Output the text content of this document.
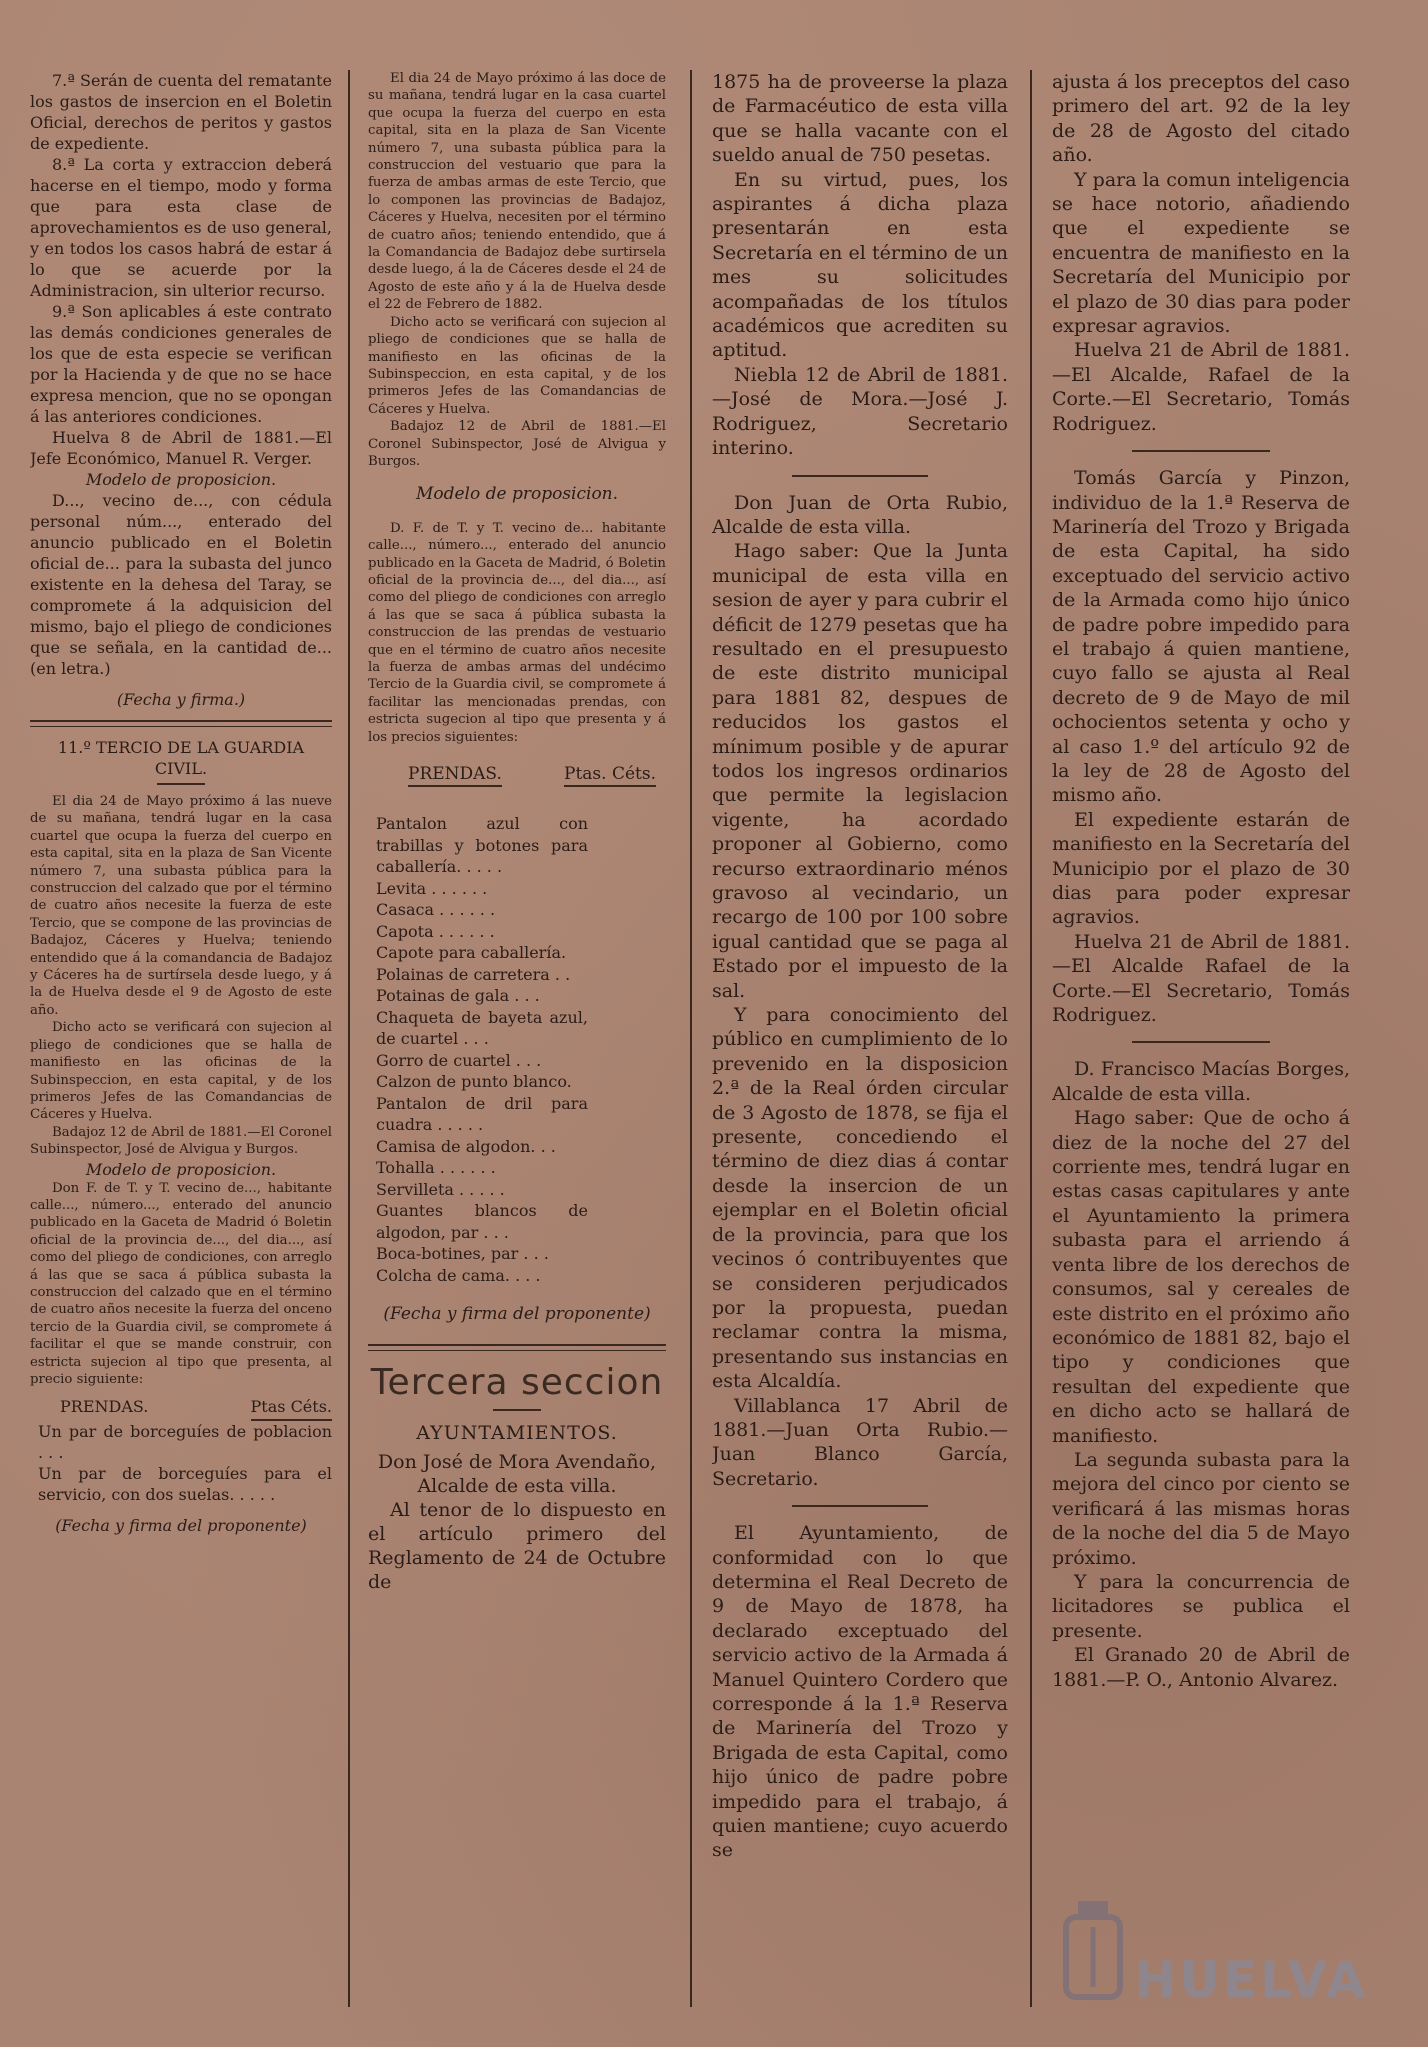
7.ª Serán de cuenta del rematante los gastos de insercion en el Boletin Oficial, derechos de peritos y gastos de expediente.

8.ª La corta y extraccion deberá hacerse en el tiempo, modo y forma que para esta clase de aprovechamientos es de uso general, y en todos los casos habrá de estar á lo que se acuerde por la Administracion, sin ulterior recurso.

9.ª Son aplicables á este contrato las demás condiciones generales de los que de esta especie se verifican por la Hacienda y de que no se hace expresa mencion, que no se opongan á las anteriores condiciones.

Huelva 8 de Abril de 1881.—El Jefe Económico, Manuel R. Verger.

Modelo de proposicion.

D..., vecino de..., con cédula personal núm..., enterado del anuncio publicado en el Boletin oficial de... para la subasta del junco existente en la dehesa del Taray, se compromete á la adquisicion del mismo, bajo el pliego de condiciones que se señala, en la cantidad de... (en letra.)

(Fecha y firma.)

11.º TERCIO DE LA GUARDIA CIVIL.

El dia 24 de Mayo próximo á las nueve de su mañana, tendrá lugar en la casa cuartel que ocupa la fuerza del cuerpo en esta capital, sita en la plaza de San Vicente número 7, una subasta pública para la construccion del calzado que por el término de cuatro años necesite la fuerza de este Tercio, que se compone de las provincias de Badajoz, Cáceres y Huelva; teniendo entendido que á la comandancia de Badajoz y Cáceres ha de surtírsela desde luego, y á la de Huelva desde el 9 de Agosto de este año.

Dicho acto se verificará con sujecion al pliego de condiciones que se halla de manifiesto en las oficinas de la Subinspeccion, en esta capital, y de los primeros Jefes de las Comandancias de Cáceres y Huelva.

Badajoz 12 de Abril de 1881.—El Coronel Subinspector, José de Alvigua y Burgos.

Modelo de proposicion.

Don F. de T. y T. vecino de..., habitante calle..., número..., enterado del anuncio publicado en la Gaceta de Madrid ó Boletin oficial de la provincia de..., del dia..., así como del pliego de condiciones, con arreglo á las que se saca á pública subasta la construccion del calzado que en el término de cuatro años necesite la fuerza del onceno tercio de la Guardia civil, se compromete á facilitar el que se mande construir, con estricta sujecion al tipo que presenta, al precio siguiente:

PRENDAS.	Ptas Céts.
Un par de borceguíes de poblacion . . .
Un par de borceguíes para el servicio, con dos suelas. . . . .

(Fecha y firma del proponente)

El dia 24 de Mayo próximo á las doce de su mañana, tendrá lugar en la casa cuartel que ocupa la fuerza del cuerpo en esta capital, sita en la plaza de San Vicente número 7, una subasta pública para la construccion del vestuario que para la fuerza de ambas armas de este Tercio, que lo componen las provincias de Badajoz, Cáceres y Huelva, necesiten por el término de cuatro años; teniendo entendido, que á la Comandancia de Badajoz debe surtirsela desde luego, á la de Cáceres desde el 24 de Agosto de este año y á la de Huelva desde el 22 de Febrero de 1882.

Dicho acto se verificará con sujecion al pliego de condiciones que se halla de manifiesto en las oficinas de la Subinspeccion, en esta capital, y de los primeros Jefes de las Comandancias de Cáceres y Huelva.

Badajoz 12 de Abril de 1881.—El Coronel Subinspector, José de Alvigua y Burgos.

Modelo de proposicion.

D. F. de T. y T. vecino de... habitante calle..., número..., enterado del anuncio publicado en la Gaceta de Madrid, ó Boletin oficial de la provincia de..., del dia..., así como del pliego de condiciones con arreglo á las que se saca á pública subasta la construccion de las prendas de vestuario que en el término de cuatro años necesite la fuerza de ambas armas del undécimo Tercio de la Guardia civil, se compromete á facilitar las mencionadas prendas, con estricta sugecion al tipo que presenta y á los precios siguientes:

PRENDAS.	Ptas. Céts.
Pantalon azul con trabillas y botones para caballería. . . . .
Levita . . . . . .
Casaca . . . . . .
Capota . . . . . .
Capote para caballería.
Polainas de carretera . .
Potainas de gala . . .
Chaqueta de bayeta azul, de cuartel . . .
Gorro de cuartel . . .
Calzon de punto blanco.
Pantalon de dril para cuadra . . . . .
Camisa de algodon. . .
Tohalla . . . . . .
Servilleta . . . . .
Guantes blancos de algodon, par . . .
Boca-botines, par . . .
Colcha de cama. . . .

(Fecha y firma del proponente)

Tercera seccion

AYUNTAMIENTOS.

Don José de Mora Avendaño, Alcalde de esta villa.

Al tenor de lo dispuesto en el artículo primero del Reglamento de 24 de Octubre de

1875 ha de proveerse la plaza de Farmacéutico de esta villa que se halla vacante con el sueldo anual de 750 pesetas.

En su virtud, pues, los aspirantes á dicha plaza presentarán en esta Secretaría en el término de un mes su solicitudes acompañadas de los títulos académicos que acrediten su aptitud.

Niebla 12 de Abril de 1881.—José de Mora.—José J. Rodriguez, Secretario interino.

Don Juan de Orta Rubio, Alcalde de esta villa.

Hago saber: Que la Junta municipal de esta villa en sesion de ayer y para cubrir el déficit de 1279 pesetas que ha resultado en el presupuesto de este distrito municipal para 1881 82, despues de reducidos los gastos el mínimum posible y de apurar todos los ingresos ordinarios que permite la legislacion vigente, ha acordado proponer al Gobierno, como recurso extraordinario ménos gravoso al vecindario, un recargo de 100 por 100 sobre igual cantidad que se paga al Estado por el impuesto de la sal.

Y para conocimiento del público en cumplimiento de lo prevenido en la disposicion 2.ª de la Real órden circular de 3 Agosto de 1878, se fija el presente, concediendo el término de diez dias á contar desde la insercion de un ejemplar en el Boletin oficial de la provincia, para que los vecinos ó contribuyentes que se consideren perjudicados por la propuesta, puedan reclamar contra la misma, presentando sus instancias en esta Alcaldía.

Villablanca 17 Abril de 1881.—Juan Orta Rubio.—Juan Blanco García, Secretario.

El Ayuntamiento, de conformidad con lo que determina el Real Decreto de 9 de Mayo de 1878, ha declarado exceptuado del servicio activo de la Armada á Manuel Quintero Cordero que corresponde á la 1.ª Reserva de Marinería del Trozo y Brigada de esta Capital, como hijo único de padre pobre impedido para el trabajo, á quien mantiene; cuyo acuerdo se

ajusta á los preceptos del caso primero del art. 92 de la ley de 28 de Agosto del citado año.

Y para la comun inteligencia se hace notorio, añadiendo que el expediente se encuentra de manifiesto en la Secretaría del Municipio por el plazo de 30 dias para poder expresar agravios.

Huelva 21 de Abril de 1881.—El Alcalde, Rafael de la Corte.—El Secretario, Tomás Rodriguez.

Tomás García y Pinzon, individuo de la 1.ª Reserva de Marinería del Trozo y Brigada de esta Capital, ha sido exceptuado del servicio activo de la Armada como hijo único de padre pobre impedido para el trabajo á quien mantiene, cuyo fallo se ajusta al Real decreto de 9 de Mayo de mil ochocientos setenta y ocho y al caso 1.º del artículo 92 de la ley de 28 de Agosto del mismo año.

El expediente estarán de manifiesto en la Secretaría del Municipio por el plazo de 30 dias para poder expresar agravios.

Huelva 21 de Abril de 1881.—El Alcalde Rafael de la Corte.—El Secretario, Tomás Rodriguez.

D. Francisco Macías Borges, Alcalde de esta villa.

Hago saber: Que de ocho á diez de la noche del 27 del corriente mes, tendrá lugar en estas casas capitulares y ante el Ayuntamiento la primera subasta para el arriendo á venta libre de los derechos de consumos, sal y cereales de este distrito en el próximo año económico de 1881 82, bajo el tipo y condiciones que resultan del expediente que en dicho acto se hallará de manifiesto.

La segunda subasta para la mejora del cinco por ciento se verificará á las mismas horas de la noche del dia 5 de Mayo próximo.

Y para la concurrencia de licitadores se publica el presente.

El Granado 20 de Abril de 1881.—P. O., Antonio Alvarez.

HUELVA
